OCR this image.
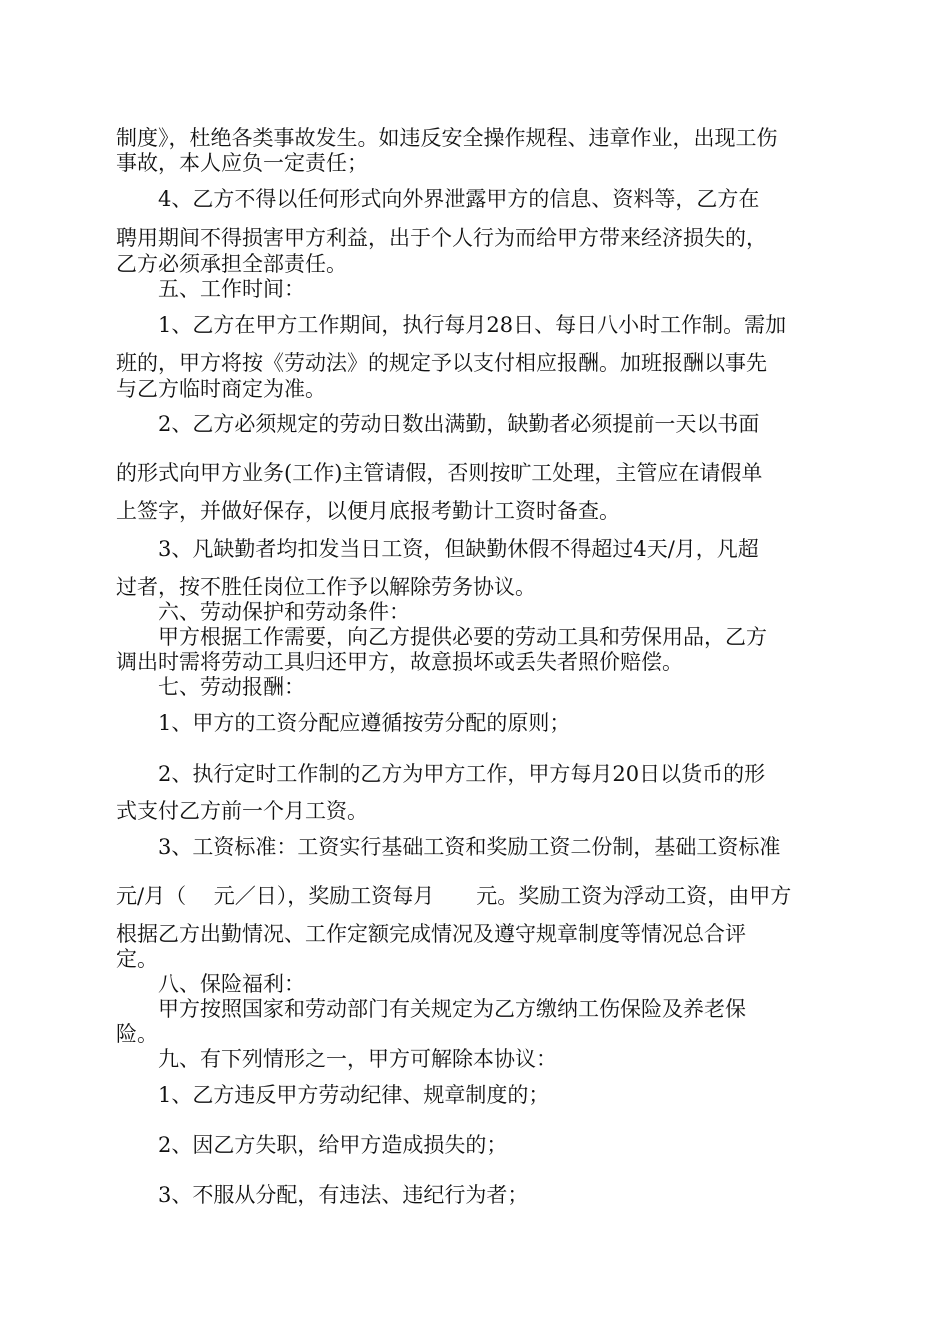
制度》，杜绝各类事故发生。如违反安全操作规程、违章作业，出现工伤
事故，本人应负一定责任；
　　4、乙方不得以任何形式向外界泄露甲方的信息、资料等，乙方在
聘用期间不得损害甲方利益，出于个人行为而给甲方带来经济损失的，
乙方必须承担全部责任。
　　五、工作时间：
　　1、乙方在甲方工作期间，执行每月28日、每日八小时工作制。需加
班的，甲方将按《劳动法》的规定予以支付相应报酬。加班报酬以事先
与乙方临时商定为准。
　　2、乙方必须规定的劳动日数出满勤，缺勤者必须提前一天以书面
的形式向甲方业务(工作)主管请假，否则按旷工处理，主管应在请假单
上签字，并做好保存，以便月底报考勤计工资时备查。
　　3、凡缺勤者均扣发当日工资，但缺勤休假不得超过4天/月，凡超
过者，按不胜任岗位工作予以解除劳务协议。
　　六、劳动保护和劳动条件：
　　甲方根据工作需要，向乙方提供必要的劳动工具和劳保用品，乙方
调出时需将劳动工具归还甲方，故意损坏或丢失者照价赔偿。
　　七、劳动报酬：
　　1、甲方的工资分配应遵循按劳分配的原则；
　　2、执行定时工作制的乙方为甲方工作，甲方每月20日以货币的形
式支付乙方前一个月工资。
　　3、工资标准：工资实行基础工资和奖励工资二份制，基础工资标准
元/月（　 元／日），奖励工资每月　　元。奖励工资为浮动工资，由甲方
根据乙方出勤情况、工作定额完成情况及遵守规章制度等情况总合评
定。
　　八、保险福利：
　　甲方按照国家和劳动部门有关规定为乙方缴纳工伤保险及养老保
险。
　　九、有下列情形之一，甲方可解除本协议：
　　1、乙方违反甲方劳动纪律、规章制度的；
　　2、因乙方失职，给甲方造成损失的；
　　3、不服从分配，有违法、违纪行为者；
